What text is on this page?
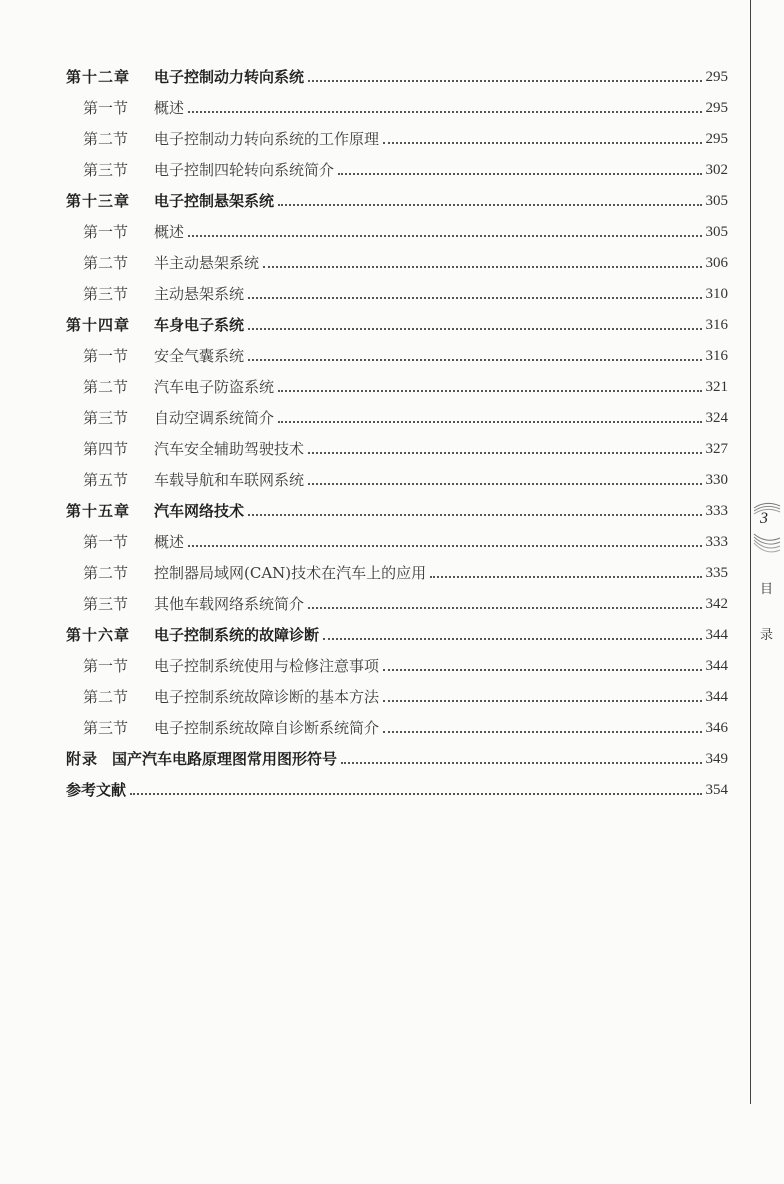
第十二章	电子控制动力转向系统	295
第一节	概述	295
第二节	电子控制动力转向系统的工作原理	295
第三节	电子控制四轮转向系统简介	302
第十三章	电子控制悬架系统	305
第一节	概述	305
第二节	半主动悬架系统	306
第三节	主动悬架系统	310
第十四章	车身电子系统	316
第一节	安全气囊系统	316
第二节	汽车电子防盗系统	321
第三节	自动空调系统简介	324
第四节	汽车安全辅助驾驶技术	327
第五节	车载导航和车联网系统	330
第十五章	汽车网络技术	333
第一节	概述	333
第二节	控制器局域网(CAN)技术在汽车上的应用	335
第三节	其他车载网络系统简介	342
第十六章	电子控制系统的故障诊断	344
第一节	电子控制系统使用与检修注意事项	344
第二节	电子控制系统故障诊断的基本方法	344
第三节	电子控制系统故障自诊断系统简介	346
附录 国产汽车电路原理图常用图形符号	349
参考文献	354
3
目
录
